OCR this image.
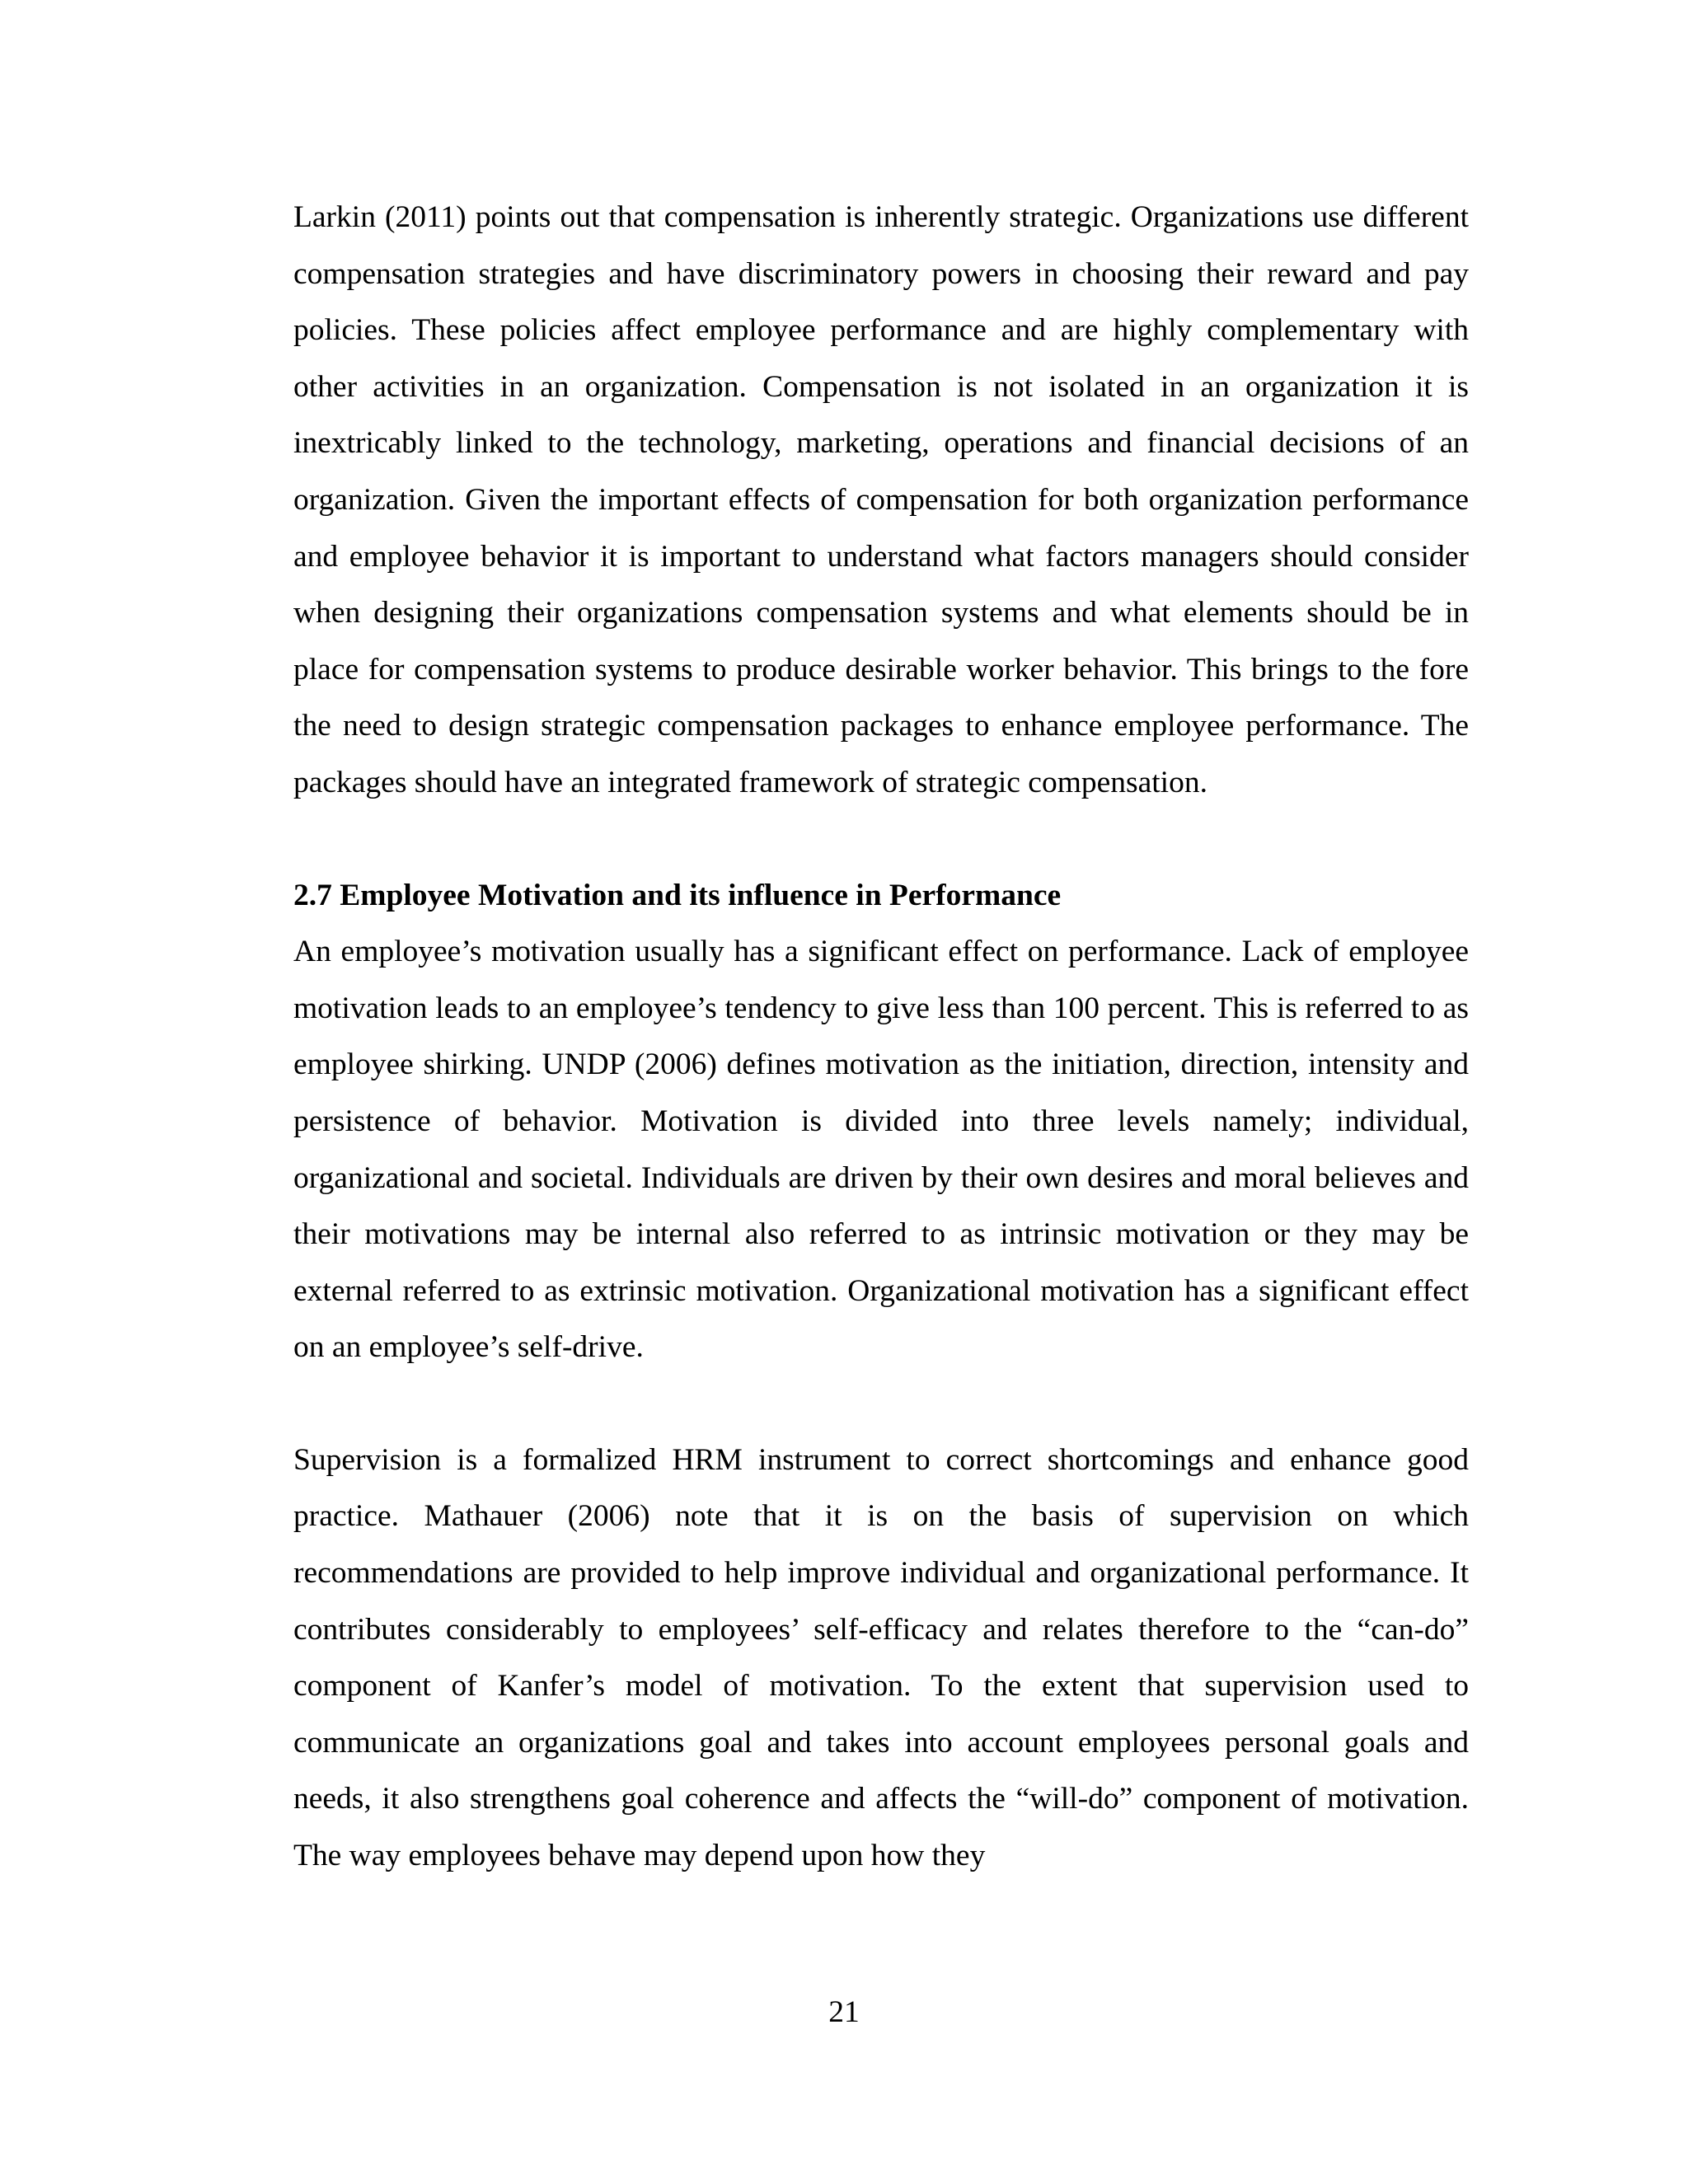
Larkin (2011) points out that compensation is inherently strategic. Organizations use different compensation strategies and have discriminatory powers in choosing their reward and pay policies. These policies affect employee performance and are highly complementary with other activities in an organization. Compensation is not isolated in an organization it is inextricably linked to the technology, marketing, operations and financial decisions of an organization. Given the important effects of compensation for both organization performance and employee behavior it is important to understand what factors managers should consider when designing their organizations compensation systems and what elements should be in place for compensation systems to produce desirable worker behavior. This brings to the fore the need to design strategic compensation packages to enhance employee performance. The packages should have an integrated framework of strategic compensation.

2.7 Employee Motivation and its influence in Performance

An employee’s motivation usually has a significant effect on performance. Lack of employee motivation leads to an employee’s tendency to give less than 100 percent. This is referred to as employee shirking. UNDP (2006) defines motivation as the initiation, direction, intensity and persistence of behavior. Motivation is divided into three levels namely; individual, organizational and societal. Individuals are driven by their own desires and moral believes and their motivations may be internal also referred to as intrinsic motivation or they may be external referred to as extrinsic motivation. Organizational motivation has a significant effect on an employee’s self-drive.

Supervision is a formalized HRM instrument to correct shortcomings and enhance good practice. Mathauer (2006) note that it is on the basis of supervision on which recommendations are provided to help improve individual and organizational performance. It contributes considerably to employees’ self-efficacy and relates therefore to the “can-do” component of Kanfer’s model of motivation. To the extent that supervision used to communicate an organizations goal and takes into account employees personal goals and needs, it also strengthens goal coherence and affects the “will-do” component of motivation. The way employees behave may depend upon how they

21
